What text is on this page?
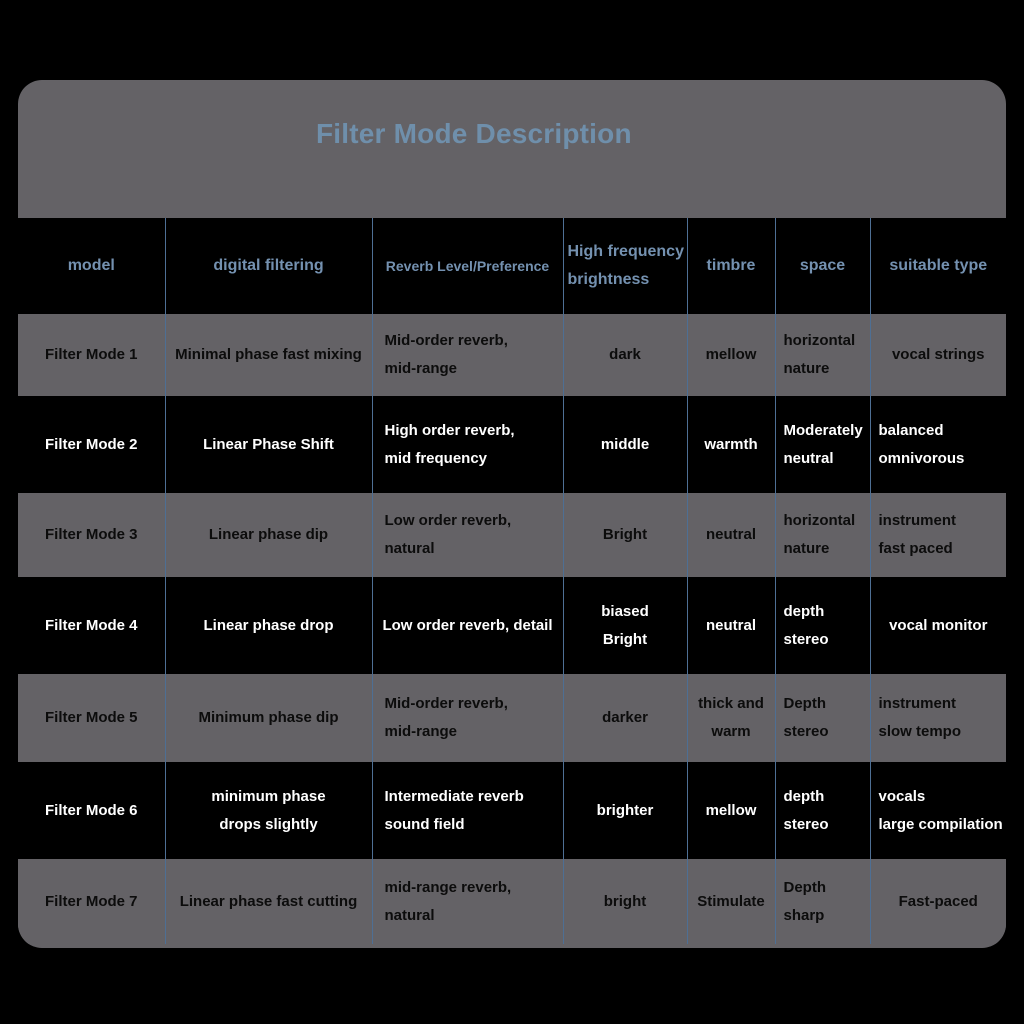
Filter Mode Description
model	digital filtering	Reverb Level/Preference	High frequency
brightness	timbre	space	suitable type

Filter Mode 1	Minimal phase fast mixing	Mid-order reverb,
mid-range	dark	mellow	horizontal
nature	vocal strings

Filter Mode 2	Linear Phase Shift	High order reverb,
mid frequency	middle	warmth	Moderately
neutral	balanced
omnivorous

Filter Mode 3	Linear phase dip	Low order reverb,
natural	Bright	neutral	horizontal
nature	instrument
fast paced

Filter Mode 4	Linear phase drop	Low order reverb, detail	biased
Bright	neutral	depth
stereo	vocal monitor

Filter Mode 5	Minimum phase dip	Mid-order reverb,
mid-range	darker	thick and
warm	Depth
stereo	instrument
slow tempo

Filter Mode 6	minimum phase
drops slightly	Intermediate reverb
sound field	brighter	mellow	depth
stereo	vocals
large compilation

Filter Mode 7	Linear phase fast cutting	mid-range reverb,
natural	bright	Stimulate	Depth
sharp	Fast-paced
